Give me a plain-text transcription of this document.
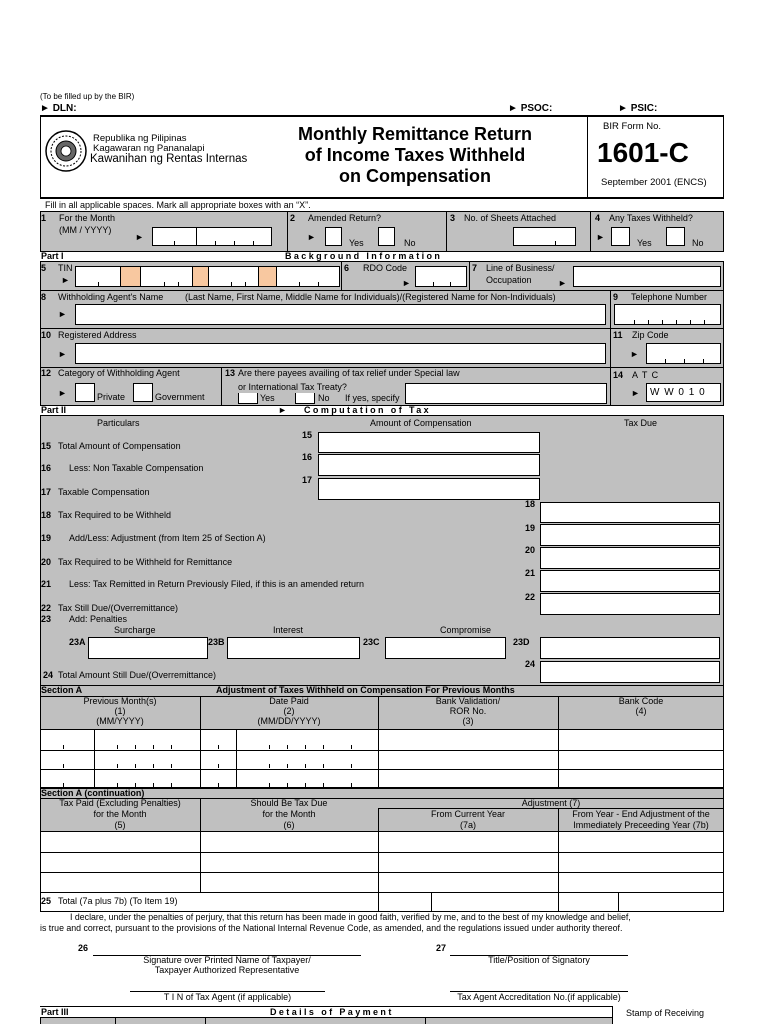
(To be filled up by the BIR)
► DLN:	► PSOC:	► PSIC:
Republika ng Pilipinas
Kagawaran ng Pananalapi
Kawanihan ng Rentas Internas
Monthly Remittance Return
of Income Taxes Withheld
on Compensation
BIR Form No.
1601-C
September 2001 (ENCS)
Fill in all applicable spaces. Mark all appropriate boxes with an “X”.
1 For the Month
(MM / YYYY)
►
2 Amended Return?
►
Yes	No
3 No. of Sheets Attached	4 Any Taxes Withheld?
►
Yes	No
Part I	Background Information
5 TIN
►
6 RDO Code
►
7 Line of Business/
Occupation	►
8 Withholding Agent's Name (Last Name, First Name, Middle Name for Individuals)/(Registered Name for Non-Individuals)
►
9 Telephone Number
10 Registered Address
►
11 Zip Code
►
12 Category of Withholding Agent
►	Private	Government
13 Are there payees availing of tax relief under Special law
or International Tax Treaty?
Yes	No If yes, specify
14 A T C
► W W 0 1 0
Part II	► Computation of Tax
Particulars	Amount of Compensation	Tax Due
15 Total Amount of Compensation
15
16 Less: Non Taxable Compensation
16
17 Taxable Compensation
17
18 Tax Required to be Withheld
18
19 Add/Less: Adjustment (from Item 25 of Section A)
19
20 Tax Required to be Withheld for Remittance
20
21 Less: Tax Remitted in Return Previously Filed, if this is an amended return
21
22 Tax Still Due/(Overremittance)
22
23 Add: Penalties
Surcharge	Interest	Compromise
23A	23B	23C	23D
24 Total Amount Still Due/(Overremittance)
24
Section A	Adjustment of Taxes Withheld on Compensation For Previous Months
Previous Month(s)
(1)
(MM/YYYY)
Date Paid
(2)
(MM/DD/YYYY)
Bank Validation/
ROR No.
(3)
Bank Code
(4)
Section A (continuation)
Tax Paid (Excluding Penalties)
for the Month
(5)
Should Be Tax Due
for the Month
(6)
Adjustment (7)
From Current Year
(7a)
From Year - End Adjustment of the
Immediately Preceeding Year (7b)
25 Total (7a plus 7b) (To Item 19)
I declare, under the penalties of perjury, that this return has been made in good faith, verified by me, and to the best of my knowledge and belief,
is true and correct, pursuant to the provisions of the National Internal Revenue Code, as amended, and the regulations issued under authority thereof.
26
Signature over Printed Name of Taxpayer/
Taxpayer Authorized Representative
27
Title/Position of Signatory
T I N of Tax Agent (if applicable)	Tax Agent Accreditation No.(if applicable)
Part III	Details of Payment	Stamp of Receiving
